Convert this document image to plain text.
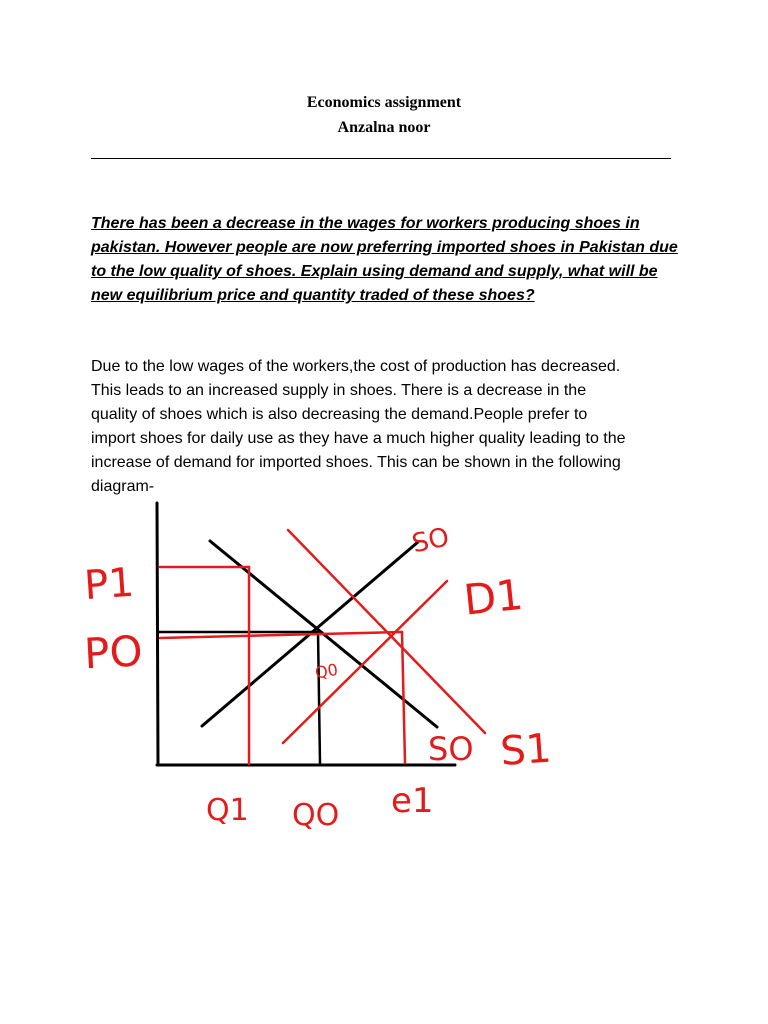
Economics assignment
Anzalna noor

There has been a decrease in the wages for workers producing shoes in pakistan. However people are now preferring imported shoes in Pakistan due to the low quality of shoes. Explain using demand and supply, what will be new equilibrium price and quantity traded of these shoes?

Due to the low wages of the workers,the cost of production has decreased.
This leads to an increased supply in shoes. There is a decrease in the
quality of shoes which is also decreasing the demand.People prefer to
import shoes for daily use as they have a much higher quality leading to the
increase of demand for imported shoes. This can be shown in the following
diagram-

P1
PO	Q0
SO
D1
SO S1
Q1 QO e1
